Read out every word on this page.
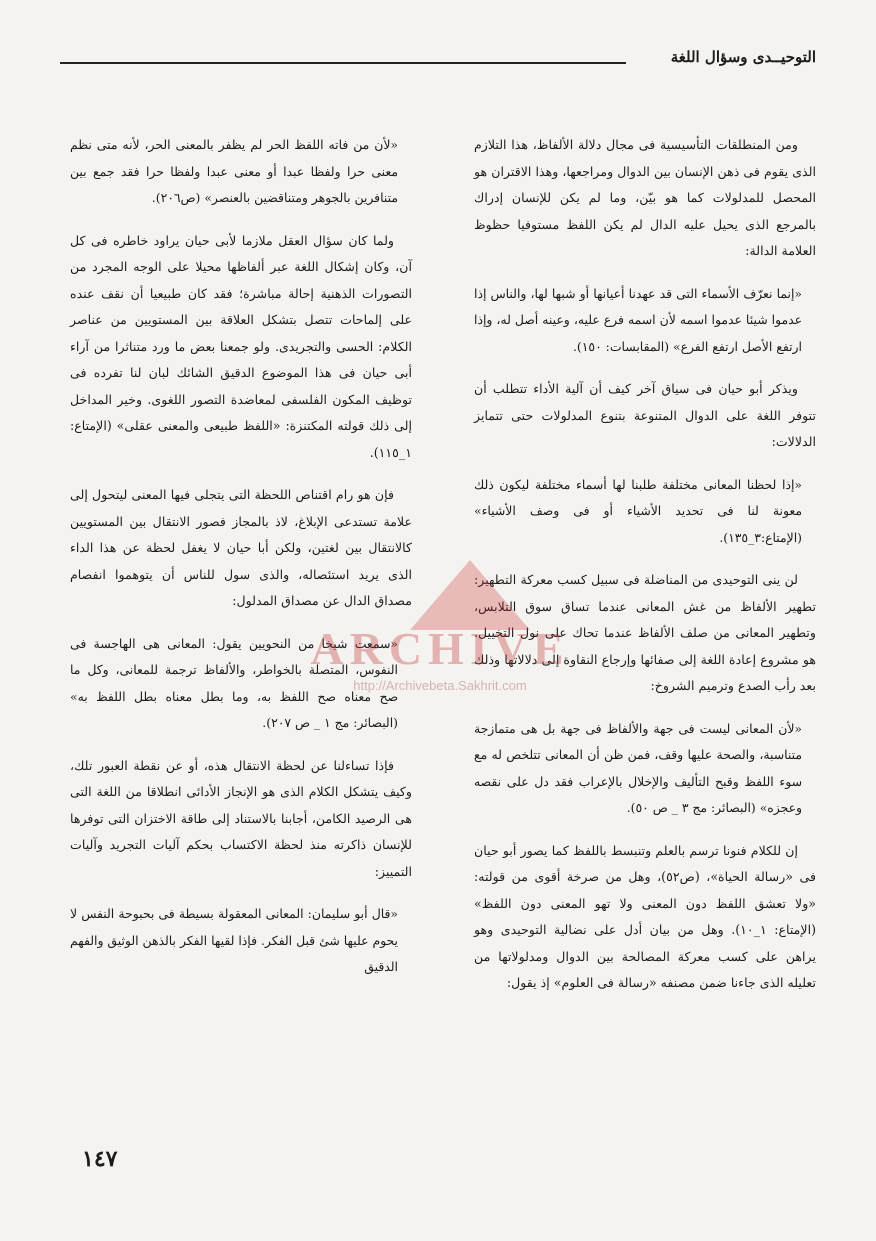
التوحيــدى وسؤال اللغة

ومن المنطلقات التأسيسية فى مجال دلالة الألفاظ، هذا التلازم الذى يقوم فى ذهن الإنسان بين الدوال ومراجعها، وهذا الاقتران هو المحصل للمدلولات كما هو بيّن، وما لم يكن للإنسان إدراك بالمرجع الذى يحيل عليه الدال لم يكن اللفظ مستوفيا حظوظ العلامة الدالة:

«إنما نعرّف الأسماء التى قد عهدنا أعيانها أو شبها لها، والناس إذا عدموا شيئا عدموا اسمه لأن اسمه فرع عليه، وعينه أصل له، وإذا ارتفع الأصل ارتفع الفرع» (المقابسات: ١٥٠).

ويذكر أبو حيان فى سياق آخر كيف أن آلية الأداء تتطلب أن تتوفر اللغة على الدوال المتنوعة بتنوع المدلولات حتى تتمايز الدلالات:

«إذا لحظنا المعانى مختلفة طلبنا لها أسماء مختلفة ليكون ذلك معونة لنا فى تحديد الأشياء أو فى وصف الأشياء» (الإمتاع:٣_١٣٥).

لن ينى التوحيدى من المناضلة فى سبيل كسب معركة التطهير: تطهير الألفاظ من غش المعانى عندما تساق سوق التلابس، وتطهير المعانى من صلف الألفاظ عندما تحاك على نول التخييل. هو مشروع إعادة اللغة إلى صفائها وإرجاع النقاوة إلى دلالاتها وذلك بعد رأب الصدع وترميم الشروخ:

«لأن المعانى ليست فى جهة والألفاظ فى جهة بل هى متمازجة متناسبة، والصحة عليها وقف، فمن ظن أن المعانى تتلخص له مع سوء اللفظ وقبح التأليف والإخلال بالإعراب فقد دل على نقصه وعجزه» (البصائر: مج ٣ _ ص ٥٠).

إن للكلام فنونا ترسم بالعلم وتنبسط باللفظ كما يصور أبو حيان فى «رسالة الحياة»، (ص٥٢)، وهل من صرخة أقوى من قولته: «ولا تعشق اللفظ دون المعنى ولا تهو المعنى دون اللفظ» (الإمتاع: ١_١٠). وهل من بيان أدل على نضالية التوحيدى وهو يراهن على كسب معركة المصالحة بين الدوال ومدلولاتها من تعليله الذى جاءنا ضمن مصنفه «رسالة فى العلوم» إذ يقول:

«لأن من فاته اللفظ الحر لم يظفر بالمعنى الحر، لأنه متى نظم معنى حرا ولفظا عبدا أو معنى عبدا ولفظا حرا فقد جمع بين متنافرين بالجوهر ومتناقضين بالعنصر» (ص٢٠٦).

ولما كان سؤال العقل ملازما لأبى حيان يراود خاطره فى كل آن، وكان إشكال اللغة عبر ألفاظها محيلا على الوجه المجرد من التصورات الذهنية إحالة مباشرة؛ فقد كان طبيعيا أن نقف عنده على إلماحات تتصل بتشكل العلاقة بين المستويين من عناصر الكلام: الحسى والتجريدى. ولو جمعنا بعض ما ورد متناثرا من آراء أبى حيان فى هذا الموضوع الدقيق الشائك لبان لنا تفرده فى توظيف المكون الفلسفى لمعاضدة التصور اللغوى. وخير المداخل إلى ذلك قولته المكتنزة: «اللفظ طبيعى والمعنى عقلى» (الإمتاع: ١_١١٥).

فإن هو رام اقتناص اللحظة التى يتجلى فيها المعنى ليتحول إلى علامة تستدعى الإبلاغ، لاذ بالمجاز فصور الانتقال بين المستويين كالانتقال بين لغتين، ولكن أبا حيان لا يغفل لحظة عن هذا الداء الذى يريد استئصاله، والذى سول للناس أن يتوهموا انفصام مصداق الدال عن مصداق المدلول:

«سمعت شيخا من النحويين يقول: المعانى هى الهاجسة فى النفوس، المتصلة بالخواطر، والألفاظ ترجمة للمعانى، وكل ما صح معناه صح اللفظ به، وما بطل معناه بطل اللفظ به» (البصائر: مج ١ _ ص ٢٠٧).

فإذا تساءلنا عن لحظة الانتقال هذه، أو عن نقطة العبور تلك، وكيف يتشكل الكلام الذى هو الإنجاز الأدائى انطلاقا من اللغة التى هى الرصيد الكامن، أجابنا بالاستناد إلى طاقة الاختزان التى توفرها للإنسان ذاكرته منذ لحظة الاكتساب بحكم آليات التجريد وآليات التمييز:

«قال أبو سليمان: المعانى المعقولة بسيطة فى بحبوحة النفس لا يحوم عليها شئ قبل الفكر. فإذا لقيها الفكر بالذهن الوثيق والفهم الدقيق
ARCHIVE
http://Archivebeta.Sakhrit.com
١٤٧
